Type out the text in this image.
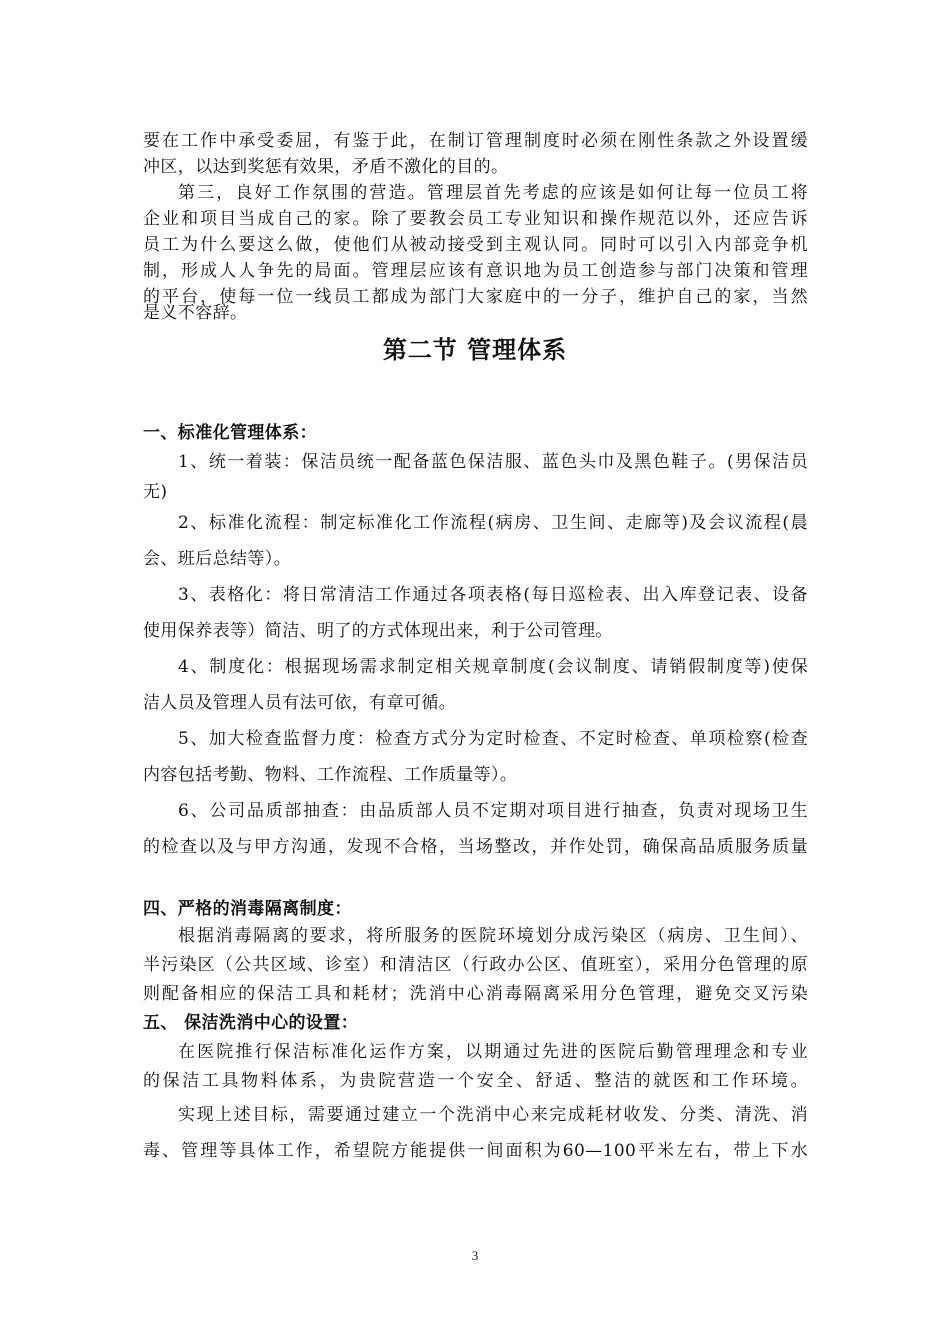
要在工作中承受委屈，有鉴于此，在制订管理制度时必须在刚性条款之外设置缓
冲区，以达到奖惩有效果，矛盾不激化的目的。
第三，良好工作氛围的营造。管理层首先考虑的应该是如何让每一位员工将
企业和项目当成自己的家。除了要教会员工专业知识和操作规范以外，还应告诉
员工为什么要这么做，使他们从被动接受到主观认同。同时可以引入内部竞争机
制，形成人人争先的局面。管理层应该有意识地为员工创造参与部门决策和管理
的平台，使每一位一线员工都成为部门大家庭中的一分子，维护自己的家，当然
是义不容辞。
第二节 管理体系
一、标准化管理体系：
1、统一着装：保洁员统一配备蓝色保洁服、蓝色头巾及黑色鞋子。(男保洁员
无)
2、标准化流程：制定标准化工作流程(病房、卫生间、走廊等)及会议流程(晨
会、班后总结等）。
3、表格化：将日常清洁工作通过各项表格(每日巡检表、出入库登记表、设备
使用保养表等）简洁、明了的方式体现出来，利于公司管理。
4、制度化：根据现场需求制定相关规章制度(会议制度、请销假制度等)使保
洁人员及管理人员有法可依，有章可循。
5、加大检查监督力度：检查方式分为定时检查、不定时检查、单项检察(检查
内容包括考勤、物料、工作流程、工作质量等）。
6、公司品质部抽查：由品质部人员不定期对项目进行抽查，负责对现场卫生
的检查以及与甲方沟通，发现不合格，当场整改，并作处罚，确保高品质服务质量
四、严格的消毒隔离制度：
根据消毒隔离的要求，将所服务的医院环境划分成污染区（病房、卫生间）、
半污染区（公共区域、诊室）和清洁区（行政办公区、值班室），采用分色管理的原
则配备相应的保洁工具和耗材；洗消中心消毒隔离采用分色管理，避免交叉污染
五、 保洁洗消中心的设置：
在医院推行保洁标准化运作方案，以期通过先进的医院后勤管理理念和专业
的保洁工具物料体系，为贵院营造一个安全、舒适、整洁的就医和工作环境。
实现上述目标，需要通过建立一个洗消中心来完成耗材收发、分类、清洗、消
毒、管理等具体工作，希望院方能提供一间面积为60—100平米左右，带上下水
3
